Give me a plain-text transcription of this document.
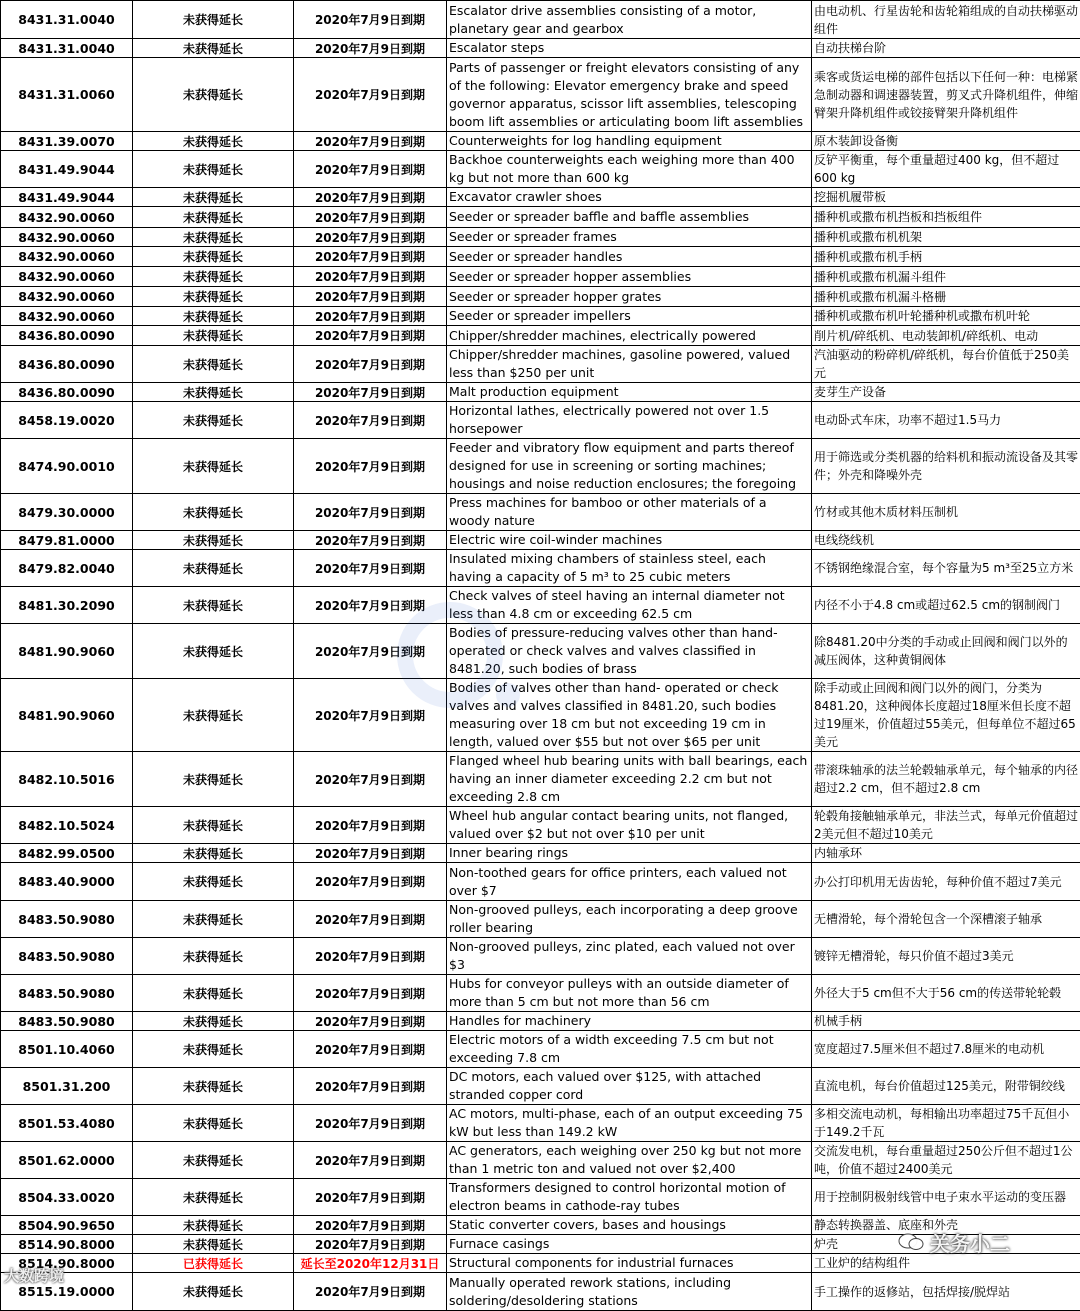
8431.31.0040	未获得延长	2020年7月9日到期	Escalator drive assemblies consisting of a motor, planetary gear and gearbox	由电动机、行星齿轮和齿轮箱组成的自动扶梯驱动组件
8431.31.0040	未获得延长	2020年7月9日到期	Escalator steps	自动扶梯台阶
8431.31.0060	未获得延长	2020年7月9日到期	Parts of passenger or freight elevators consisting of any of the following: Elevator emergency brake and speed governor apparatus, scissor lift assemblies, telescoping boom lift assemblies or articulating boom lift assemblies	乘客或货运电梯的部件包括以下任何一种：电梯紧急制动器和调速器装置，剪叉式升降机组件，伸缩臂架升降机组件或铰接臂架升降机组件
8431.39.0070	未获得延长	2020年7月9日到期	Counterweights for log handling equipment	原木装卸设备衡
8431.49.9044	未获得延长	2020年7月9日到期	Backhoe counterweights each weighing more than 400 kg but not more than 600 kg	反铲平衡重，每个重量超过400 kg，但不超过600 kg
8431.49.9044	未获得延长	2020年7月9日到期	Excavator crawler shoes	挖掘机履带板
8432.90.0060	未获得延长	2020年7月9日到期	Seeder or spreader baffle and baffle assemblies	播种机或撒布机挡板和挡板组件
8432.90.0060	未获得延长	2020年7月9日到期	Seeder or spreader frames	播种机或撒布机机架
8432.90.0060	未获得延长	2020年7月9日到期	Seeder or spreader handles	播种机或撒布机手柄
8432.90.0060	未获得延长	2020年7月9日到期	Seeder or spreader hopper assemblies	播种机或撒布机漏斗组件
8432.90.0060	未获得延长	2020年7月9日到期	Seeder or spreader hopper grates	播种机或撒布机漏斗格栅
8432.90.0060	未获得延长	2020年7月9日到期	Seeder or spreader impellers	播种机或撒布机叶轮播种机或撒布机叶轮
8436.80.0090	未获得延长	2020年7月9日到期	Chipper/shredder machines, electrically powered	削片机/碎纸机、电动装卸机/碎纸机、电动
8436.80.0090	未获得延长	2020年7月9日到期	Chipper/shredder machines, gasoline powered, valued less than $250 per unit	汽油驱动的粉碎机/碎纸机，每台价值低于250美元
8436.80.0090	未获得延长	2020年7月9日到期	Malt production equipment	麦芽生产设备
8458.19.0020	未获得延长	2020年7月9日到期	Horizontal lathes, electrically powered not over 1.5 horsepower	电动卧式车床，功率不超过1.5马力
8474.90.0010	未获得延长	2020年7月9日到期	Feeder and vibratory flow equipment and parts thereof designed for use in screening or sorting machines; housings and noise reduction enclosures; the foregoing	用于筛选或分类机器的给料机和振动流设备及其零件；外壳和降噪外壳
8479.30.0000	未获得延长	2020年7月9日到期	Press machines for bamboo or other materials of a woody nature	竹材或其他木质材料压制机
8479.81.0000	未获得延长	2020年7月9日到期	Electric wire coil-winder machines	电线绕线机
8479.82.0040	未获得延长	2020年7月9日到期	Insulated mixing chambers of stainless steel, each having a capacity of 5 m³ to 25 cubic meters	不锈钢绝缘混合室，每个容量为5 m³至25立方米
8481.30.2090	未获得延长	2020年7月9日到期	Check valves of steel having an internal diameter not less than 4.8 cm or exceeding 62.5 cm	内径不小于4.8 cm或超过62.5 cm的钢制阀门
8481.90.9060	未获得延长	2020年7月9日到期	Bodies of pressure-reducing valves other than hand-operated or check valves and valves classified in 8481.20, such bodies of brass	除8481.20中分类的手动或止回阀和阀门以外的减压阀体，这种黄铜阀体
8481.90.9060	未获得延长	2020年7月9日到期	Bodies of valves other than hand- operated or check valves and valves classified in 8481.20, such bodies measuring over 18 cm but not exceeding 19 cm in length, valued over $55 but not over $65 per unit	除手动或止回阀和阀门以外的阀门，分类为8481.20，这种阀体长度超过18厘米但长度不超过19厘米，价值超过55美元，但每单位不超过65美元
8482.10.5016	未获得延长	2020年7月9日到期	Flanged wheel hub bearing units with ball bearings, each having an inner diameter exceeding 2.2 cm but not exceeding 2.8 cm	带滚珠轴承的法兰轮毂轴承单元，每个轴承的内径超过2.2 cm，但不超过2.8 cm
8482.10.5024	未获得延长	2020年7月9日到期	Wheel hub angular contact bearing units, not flanged, valued over $2 but not over $10 per unit	轮毂角接触轴承单元，非法兰式，每单元价值超过2美元但不超过10美元
8482.99.0500	未获得延长	2020年7月9日到期	Inner bearing rings	内轴承环
8483.40.9000	未获得延长	2020年7月9日到期	Non-toothed gears for office printers, each valued not over $7	办公打印机用无齿齿轮，每种价值不超过7美元
8483.50.9080	未获得延长	2020年7月9日到期	Non-grooved pulleys, each incorporating a deep groove roller bearing	无槽滑轮，每个滑轮包含一个深槽滚子轴承
8483.50.9080	未获得延长	2020年7月9日到期	Non-grooved pulleys, zinc plated, each valued not over $3	镀锌无槽滑轮，每只价值不超过3美元
8483.50.9080	未获得延长	2020年7月9日到期	Hubs for conveyor pulleys with an outside diameter of more than 5 cm but not more than 56 cm	外径大于5 cm但不大于56 cm的传送带轮轮毂
8483.50.9080	未获得延长	2020年7月9日到期	Handles for machinery	机械手柄
8501.10.4060	未获得延长	2020年7月9日到期	Electric motors of a width exceeding 7.5 cm but not exceeding 7.8 cm	宽度超过7.5厘米但不超过7.8厘米的电动机
8501.31.200	未获得延长	2020年7月9日到期	DC motors, each valued over $125, with attached stranded copper cord	直流电机，每台价值超过125美元，附带铜绞线
8501.53.4080	未获得延长	2020年7月9日到期	AC motors, multi-phase, each of an output exceeding 75 kW but less than 149.2 kW	多相交流电动机，每相输出功率超过75千瓦但小于149.2千瓦
8501.62.0000	未获得延长	2020年7月9日到期	AC generators, each weighing over 250 kg but not more than 1 metric ton and valued not over $2,400	交流发电机，每台重量超过250公斤但不超过1公吨，价值不超过2400美元
8504.33.0020	未获得延长	2020年7月9日到期	Transformers designed to control horizontal motion of electron beams in cathode-ray tubes	用于控制阴极射线管中电子束水平运动的变压器
8504.90.9650	未获得延长	2020年7月9日到期	Static converter covers, bases and housings	静态转换器盖、底座和外壳
8514.90.8000	未获得延长	2020年7月9日到期	Furnace casings	炉壳
8514.90.8000	已获得延长	延长至2020年12月31日	Structural components for industrial furnaces	工业炉的结构组件
8515.19.0000	未获得延长	2020年7月9日到期	Manually operated rework stations, including soldering/desoldering stations	手工操作的返修站，包括焊接/脱焊站
大数跨境
关务小二
